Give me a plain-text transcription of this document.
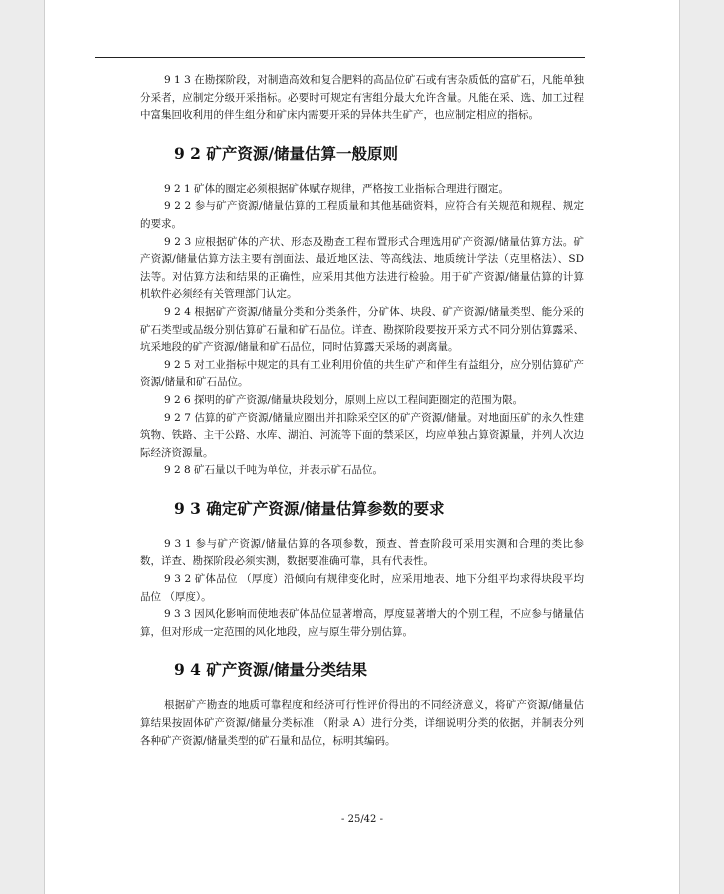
9 1 3 在勘探阶段，对制造高效和复合肥料的高品位矿石或有害杂质低的富矿石，凡能单独分采者，应制定分级开采指标。必要时可规定有害组分最大允许含量。凡能在采、选、加工过程中富集回收利用的伴生组分和矿床内需要开采的异体共生矿产，也应制定相应的指标。

9 2 矿产资源/储量估算一般原则

9 2 1 矿体的圈定必须根据矿体赋存规律，严格按工业指标合理进行圈定。

9 2 2 参与矿产资源/储量估算的工程质量和其他基础资料，应符合有关规范和规程、规定的要求。

9 2 3 应根据矿体的产状、形态及勘查工程布置形式合理选用矿产资源/储量估算方法。矿产资源/储量估算方法主要有剖面法、最近地区法、等高线法、地质统计学法（克里格法）、SD 法等。对估算方法和结果的正确性，应采用其他方法进行检验。用于矿产资源/储量估算的计算机软件必须经有关管理部门认定。

9 2 4 根据矿产资源/储量分类和分类条件，分矿体、块段、矿产资源/储量类型、能分采的矿石类型或品级分别估算矿石量和矿石品位。详查、勘探阶段要按开采方式不同分别估算露采、坑采地段的矿产资源/储量和矿石品位，同时估算露天采场的剥离量。

9 2 5 对工业指标中规定的具有工业利用价值的共生矿产和伴生有益组分，应分别估算矿产资源/储量和矿石品位。

9 2 6 探明的矿产资源/储量块段划分，原则上应以工程间距圈定的范围为限。

9 2 7 估算的矿产资源/储量应圈出并扣除采空区的矿产资源/储量。对地面压矿的永久性建筑物、铁路、主干公路、水库、湖泊、河流等下面的禁采区，均应单独占算资源量，并列人次边际经济资源量。

9 2 8 矿石量以千吨为单位，并表示矿石品位。

9 3 确定矿产资源/储量估算参数的要求

9 3 1 参与矿产资源/储量估算的各项参数，预查、普查阶段可采用实测和合理的类比参数，详查、勘探阶段必须实测，数据要准确可靠，具有代表性。

9 3 2 矿体品位 （厚度）沿倾向有规律变化时，应采用地表、地下分组平均求得块段平均品位 （厚度）。

9 3 3 因风化影响而使地表矿体品位显著增高，厚度显著增大的个别工程，不应参与储量估算，但对形成一定范围的风化地段，应与原生带分别估算。

9 4 矿产资源/储量分类结果

根据矿产勘查的地质可靠程度和经济可行性评价得出的不同经济意义，将矿产资源/储量估算结果按固体矿产资源/储量分类标准 （附录 A）进行分类，详细说明分类的依据，并制表分列各种矿产资源/储量类型的矿石量和品位，标明其编码。

- 25/42 -
